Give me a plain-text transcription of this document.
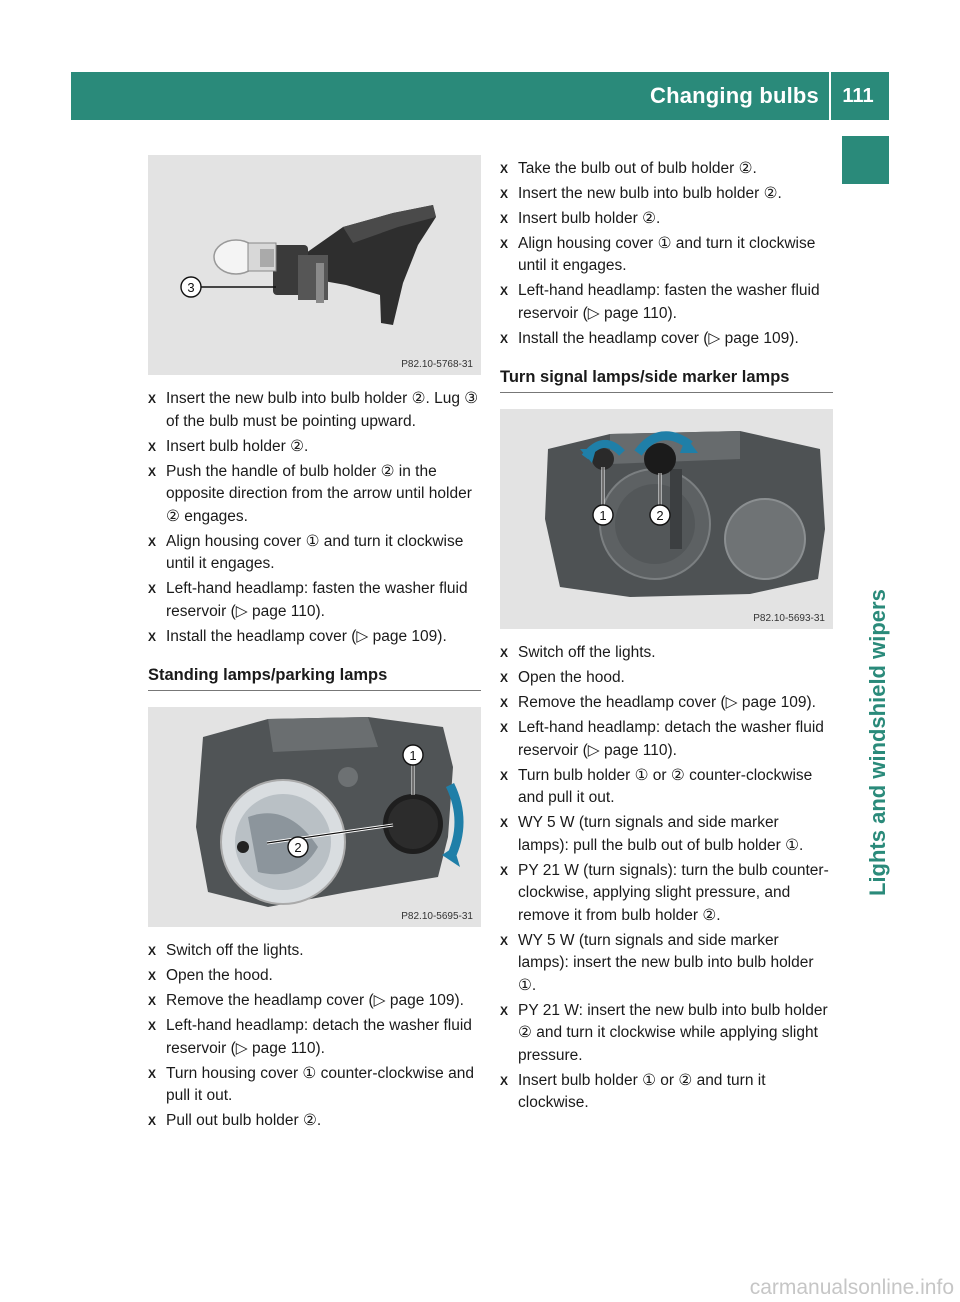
Changing bulbs	111
Lights and windshield wipers
3
P82.10-5768-31
X Insert the new bulb into bulb holder ②. Lug ③ of the bulb must be pointing upward.
X Insert bulb holder ②.
X Push the handle of bulb holder ② in the opposite direction from the arrow until holder ② engages.
X Align housing cover ① and turn it clockwise until it engages.
X Left-hand headlamp: fasten the washer fluid reservoir (▷ page 110).
X Install the headlamp cover (▷ page 109).
Standing lamps/parking lamps
1
2
P82.10-5695-31
X Switch off the lights.
X Open the hood.
X Remove the headlamp cover (▷ page 109).
X Left-hand headlamp: detach the washer fluid reservoir (▷ page 110).
X Turn housing cover ① counter-clockwise and pull it out.
X Pull out bulb holder ②.
X Take the bulb out of bulb holder ②.
X Insert the new bulb into bulb holder ②.
X Insert bulb holder ②.
X Align housing cover ① and turn it clockwise until it engages.
X Left-hand headlamp: fasten the washer fluid reservoir (▷ page 110).
X Install the headlamp cover (▷ page 109).
Turn signal lamps/side marker lamps
1	2
P82.10-5693-31
X Switch off the lights.
X Open the hood.
X Remove the headlamp cover (▷ page 109).
X Left-hand headlamp: detach the washer fluid reservoir (▷ page 110).
X Turn bulb holder ① or ② counter-clockwise and pull it out.
X WY 5 W (turn signals and side marker lamps): pull the bulb out of bulb holder ①.
X PY 21 W (turn signals): turn the bulb counter-clockwise, applying slight pressure, and remove it from bulb holder ②.
X WY 5 W (turn signals and side marker lamps): insert the new bulb into bulb holder ①.
X PY 21 W: insert the new bulb into bulb holder ② and turn it clockwise while applying slight pressure.
X Insert bulb holder ① or ② and turn it clockwise.
carmanualsonline.info
